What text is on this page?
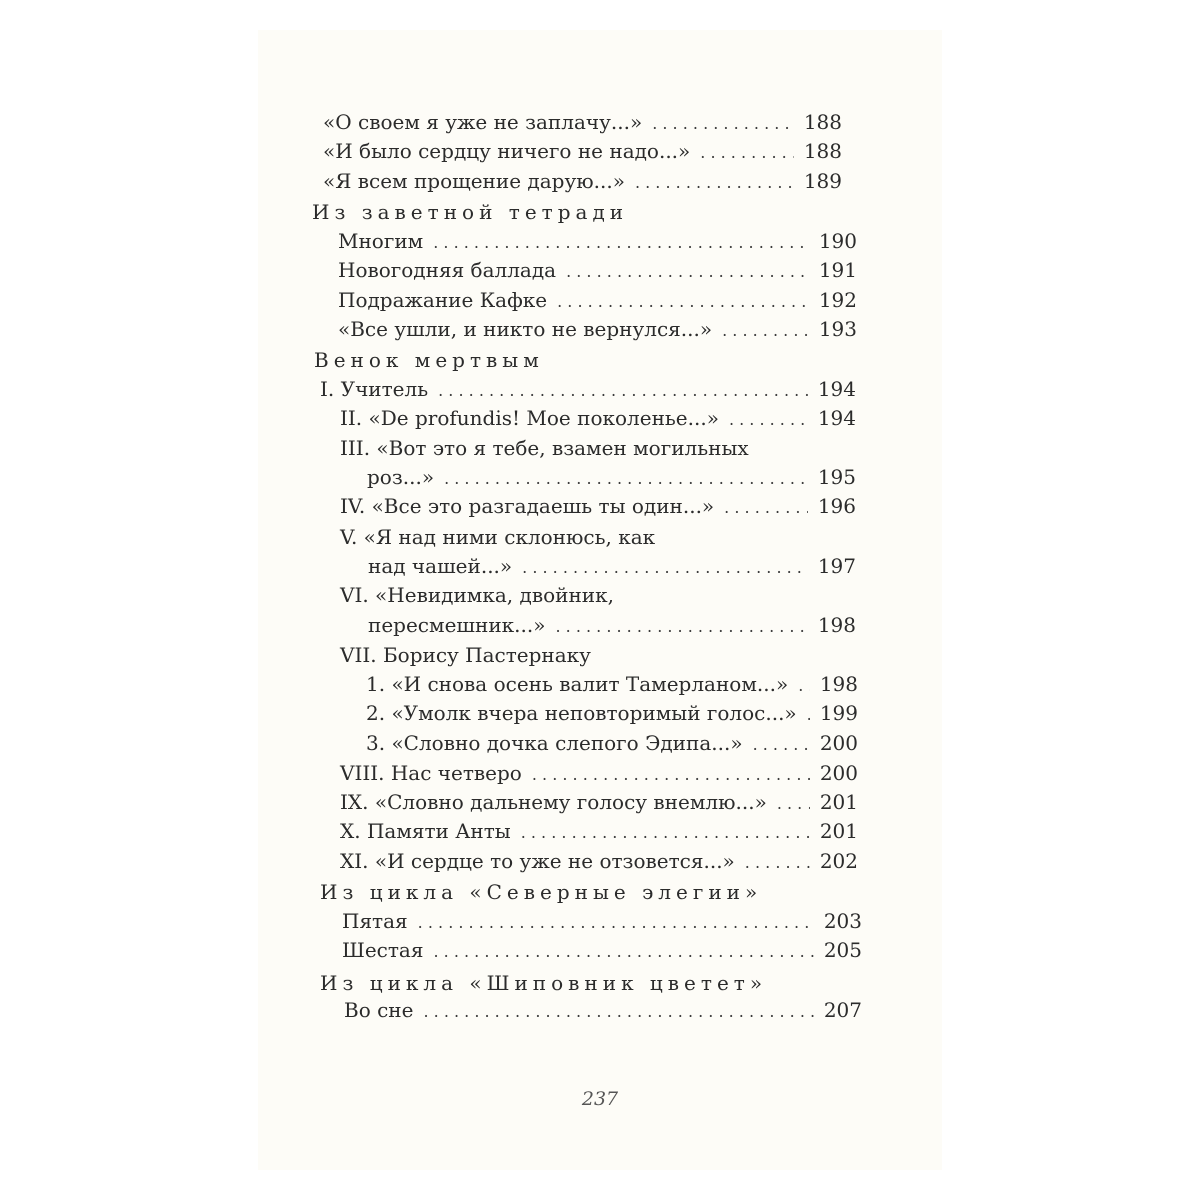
«О своем я уже не заплачу...» . . .	188
«И было сердцу ничего не надо...» . . .	188
«Я всем прощение дарую...» . . .	189
Из заветной тетради
Многим . . .	190
Новогодняя баллада . . .	191
Подражание Кафке . . .	192
«Все ушли, и никто не вернулся...» . . .	193
Венок мертвым
I. Учитель . . .	194
II. «De profundis! Мое поколенье...» . . .	194
III. «Вот это я тебе, взамен могильных
роз...» . . .	195
IV. «Все это разгадаешь ты один...» . . .	196
V. «Я над ними склонюсь, как
над чашей...» . . .	197
VI. «Невидимка, двойник,
пересмешник...» . . .	198
VII. Борису Пастернаку
1. «И снова осень валит Тамерланом...» . . . 198
2. «Умолк вчера неповторимый голос...» . . . 199
3. «Словно дочка слепого Эдипа...» . . .	200
VIII. Нас четверо . . .	200
IX. «Словно дальнему голосу внемлю...» . . .	201
X. Памяти Анты . . .	201
XI. «И сердце то уже не отзовется...» . . .	202
Из цикла «Северные элегии»
Пятая . . .	203
Шестая . . .	205
Из цикла «Шиповник цветет»
Во сне . . .	207
237
